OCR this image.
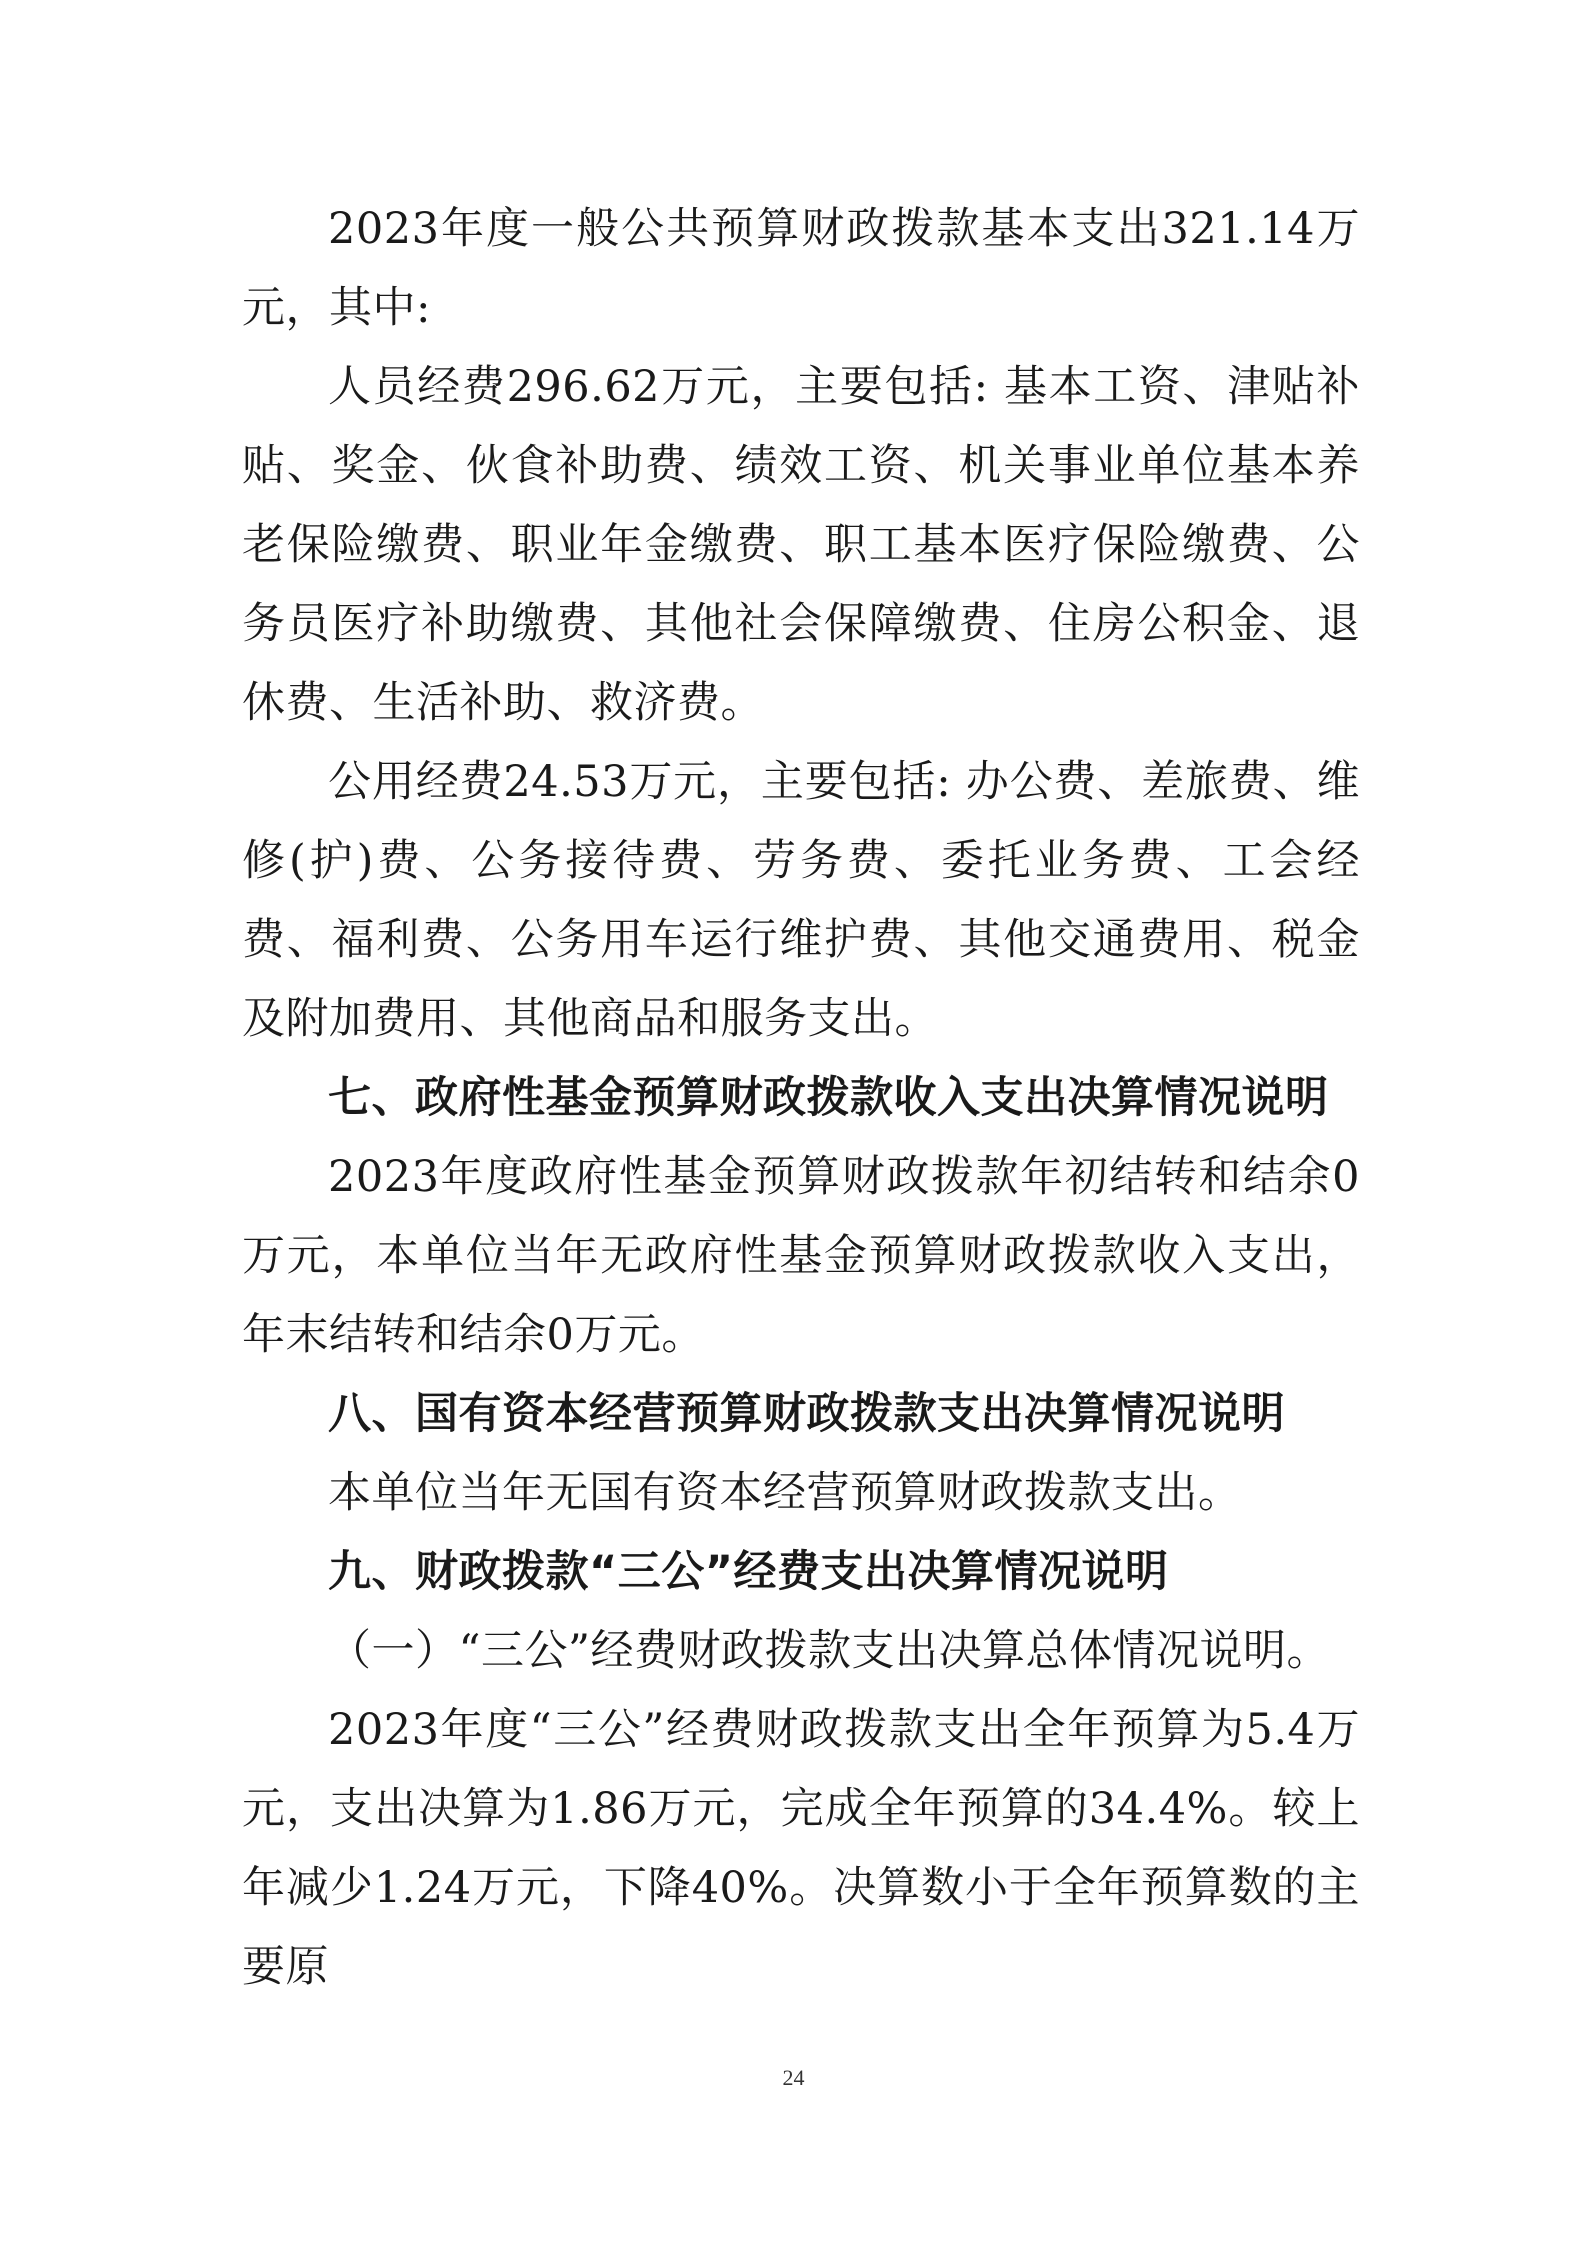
2023年度一般公共预算财政拨款基本支出321.14万元，其中:

人员经费296.62万元，主要包括: 基本工资、津贴补贴、奖金、伙食补助费、绩效工资、机关事业单位基本养老保险缴费、职业年金缴费、职工基本医疗保险缴费、公务员医疗补助缴费、其他社会保障缴费、住房公积金、退休费、生活补助、救济费。

公用经费24.53万元，主要包括: 办公费、差旅费、维修(护)费、公务接待费、劳务费、委托业务费、工会经费、福利费、公务用车运行维护费、其他交通费用、税金及附加费用、其他商品和服务支出。

七、政府性基金预算财政拨款收入支出决算情况说明

2023年度政府性基金预算财政拨款年初结转和结余0万元，本单位当年无政府性基金预算财政拨款收入支出，年末结转和结余0万元。

八、国有资本经营预算财政拨款支出决算情况说明

本单位当年无国有资本经营预算财政拨款支出。

九、财政拨款“三公”经费支出决算情况说明

（一）“三公”经费财政拨款支出决算总体情况说明。

2023年度“三公”经费财政拨款支出全年预算为5.4万元，支出决算为1.86万元，完成全年预算的34.4%。较上年减少1.24万元，下降40%。决算数小于全年预算数的主要原

24
